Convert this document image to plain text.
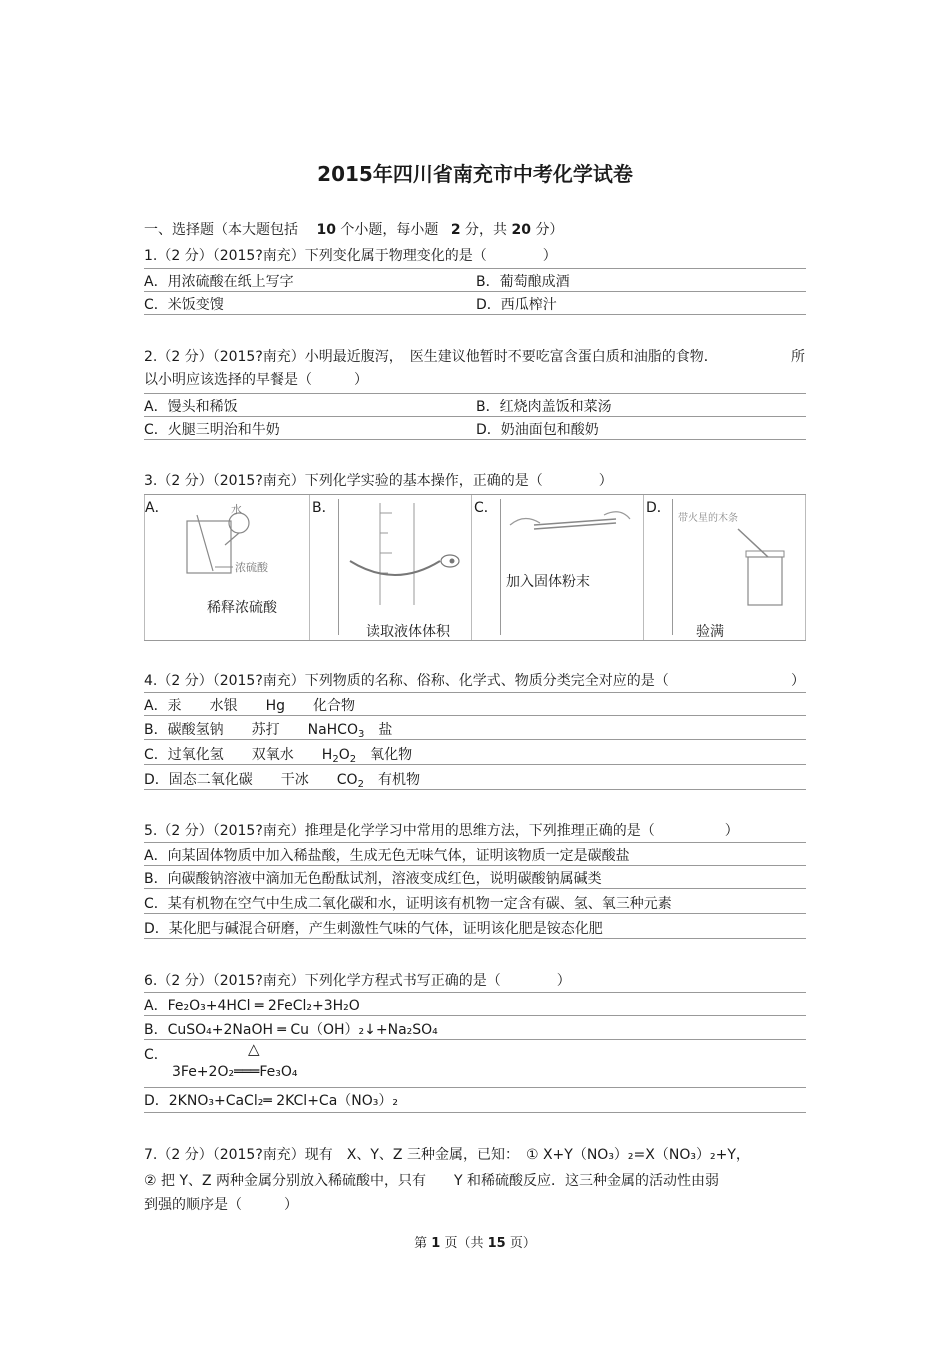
2015年四川省南充市中考化学试卷
一、选择题（本大题包括 10 个小题，每小题 2 分，共 20 分）
1.（2 分）（2015?南充）下列变化属于物理变化的是（　　　　）
A．用浓硫酸在纸上写字	B．葡萄酿成酒
C．米饭变馊	D．西瓜榨汁
2.（2 分）（2015?南充）小明最近腹泻，　医生建议他暂时不要吃富含蛋白质和油脂的食物．	所
以小明应该选择的早餐是（　　　）
A．馒头和稀饭	B．红烧肉盖饭和菜汤
C．火腿三明治和牛奶	D．奶油面包和酸奶
3.（2 分）（2015?南充）下列化学实验的基本操作，正确的是（　　　　）
A．	水
浓硫酸
稀释浓硫酸
B．
读取液体体积
C．
加入固体粉末
D．
带火星的木条
验满
4.（2 分）（2015?南充）下列物质的名称、俗称、化学式、物质分类完全对应的是（	）
A．汞　　水银　　Hg　　化合物
B．碳酸氢钠　　苏打　　NaHCO$_3$　盐
C．过氧化氢　　双氧水　　$H_2O_2$　氧化物
D．固态二氧化碳　　干冰　　$CO_2$　有机物
5.（2 分）（2015?南充）推理是化学学习中常用的思维方法，下列推理正确的是（　　　　　）
A．向某固体物质中加入稀盐酸，生成无色无味气体，证明该物质一定是碳酸盐
B．向碳酸钠溶液中滴加无色酚酞试剂，溶液变成红色，说明碳酸钠属碱类
C．某有机物在空气中生成二氧化碳和水，证明该有机物一定含有碳、氢、氧三种元素
D．某化肥与碱混合研磨，产生刺激性气味的气体，证明该化肥是铵态化肥
6.（2 分）（2015?南充）下列化学方程式书写正确的是（　　　　）
A．Fe₂O₃+4HCl ═ 2FeCl₂+3H₂O
B．CuSO₄+2NaOH ═ Cu（OH）₂↓+Na₂SO₄
C．	△
3Fe+2O₂═══Fe₃O₄
D．2KNO₃+CaCl₂═ 2KCl+Ca（NO₃）₂
7.（2 分）（2015?南充）现有　X、Y、Z 三种金属，已知：　① X+Y（NO₃）₂=X（NO₃）₂+Y，
② 把 Y、Z 两种金属分别放入稀硫酸中，只有　　Y 和稀硫酸反应．这三种金属的活动性由弱
到强的顺序是（　　　）
第 1 页（共 15 页）
